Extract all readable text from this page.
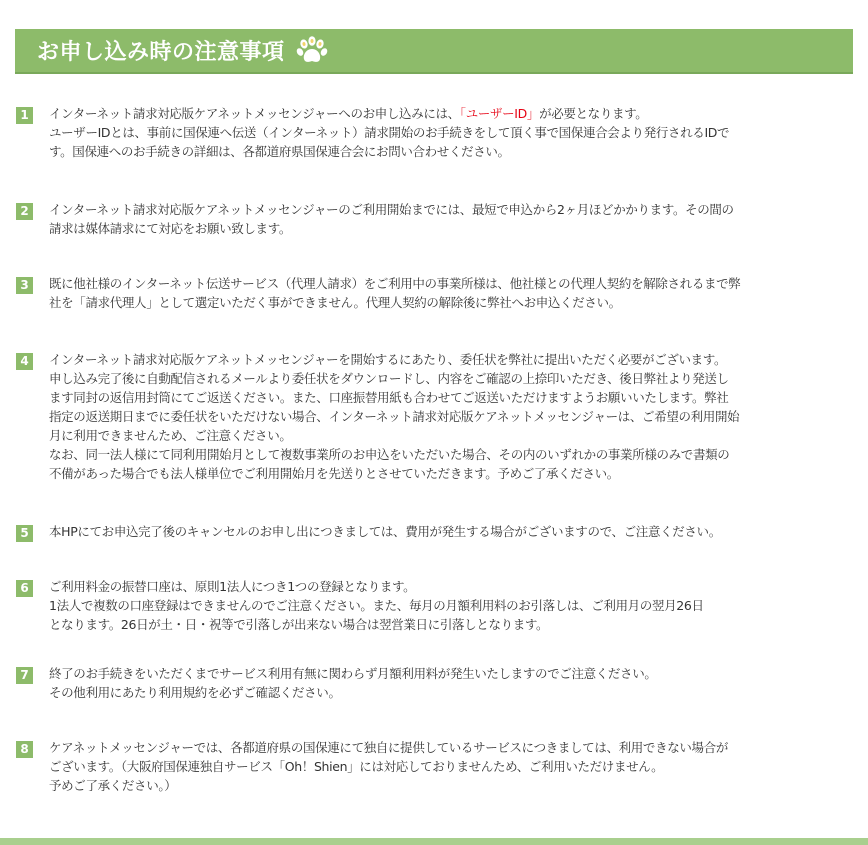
お申し込み時の注意事項
1	インターネット請求対応版ケアネットメッセンジャーへのお申し込みには、「ユーザーID」が必要となります。
ユーザーIDとは、事前に国保連へ伝送（インターネット）請求開始のお手続きをして頂く事で国保連合会より発行されるIDで
す。国保連へのお手続きの詳細は、各都道府県国保連合会にお問い合わせください。
2	インターネット請求対応版ケアネットメッセンジャーのご利用開始までには、最短で申込から2ヶ月ほどかかります。その間の
請求は媒体請求にて対応をお願い致します。
3	既に他社様のインターネット伝送サービス（代理人請求）をご利用中の事業所様は、他社様との代理人契約を解除されるまで弊
社を「請求代理人」として選定いただく事ができません。代理人契約の解除後に弊社へお申込ください。
4	インターネット請求対応版ケアネットメッセンジャーを開始するにあたり、委任状を弊社に提出いただく必要がございます。
申し込み完了後に自動配信されるメールより委任状をダウンロードし、内容をご確認の上捺印いただき、後日弊社より発送し
ます同封の返信用封筒にてご返送ください。また、口座振替用紙も合わせてご返送いただけますようお願いいたします。弊社
指定の返送期日までに委任状をいただけない場合、インターネット請求対応版ケアネットメッセンジャーは、ご希望の利用開始
月に利用できませんため、ご注意ください。
なお、同一法人様にて同利用開始月として複数事業所のお申込をいただいた場合、その内のいずれかの事業所様のみで書類の
不備があった場合でも法人様単位でご利用開始月を先送りとさせていただきます。予めご了承ください。
5	本HPにてお申込完了後のキャンセルのお申し出につきましては、費用が発生する場合がございますので、ご注意ください。
6	ご利用料金の振替口座は、原則1法人につき1つの登録となります。
1法人で複数の口座登録はできませんのでご注意ください。また、毎月の月額利用料のお引落しは、ご利用月の翌月26日
となります。26日が土・日・祝等で引落しが出来ない場合は翌営業日に引落しとなります。
7	終了のお手続きをいただくまでサービス利用有無に関わらず月額利用料が発生いたしますのでご注意ください。
その他利用にあたり利用規約を必ずご確認ください。
8	ケアネットメッセンジャーでは、各都道府県の国保連にて独自に提供しているサービスにつきましては、利用できない場合が
ございます。（大阪府国保連独自サービス「Oh！Shien」には対応しておりませんため、ご利用いただけません。
予めご了承ください。）
